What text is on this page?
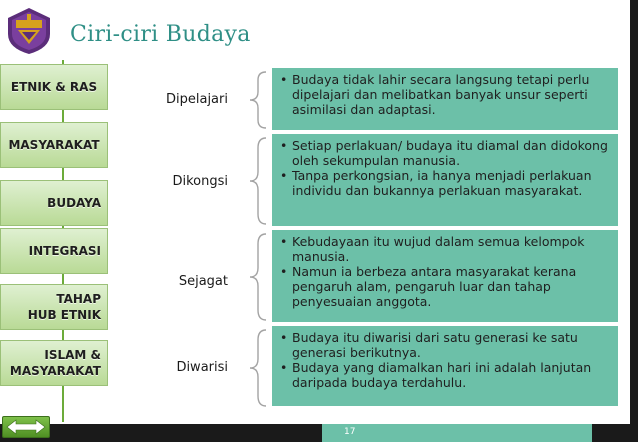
Ciri-ciri Budaya
ETNIK & RAS
MASYARAKAT
BUDAYA
INTEGRASI
TAHAP
HUB ETNIK
ISLAM &
MASYARAKAT
Dipelajari
Dikongsi
Sejagat
Diwarisi
• Budaya tidak lahir secara langsung tetapi perlu dipelajari dan melibatkan banyak unsur seperti asimilasi dan adaptasi.
• Setiap perlakuan/ budaya itu diamal dan didokong oleh sekumpulan manusia.
• Tanpa perkongsian, ia hanya menjadi perlakuan individu dan bukannya perlakuan masyarakat.
• Kebudayaan itu wujud dalam semua kelompok manusia.
• Namun ia berbeza antara masyarakat kerana pengaruh alam, pengaruh luar dan tahap penyesuaian anggota.
• Budaya itu diwarisi dari satu generasi ke satu generasi berikutnya.
• Budaya yang diamalkan hari ini adalah lanjutan daripada budaya terdahulu.
17
